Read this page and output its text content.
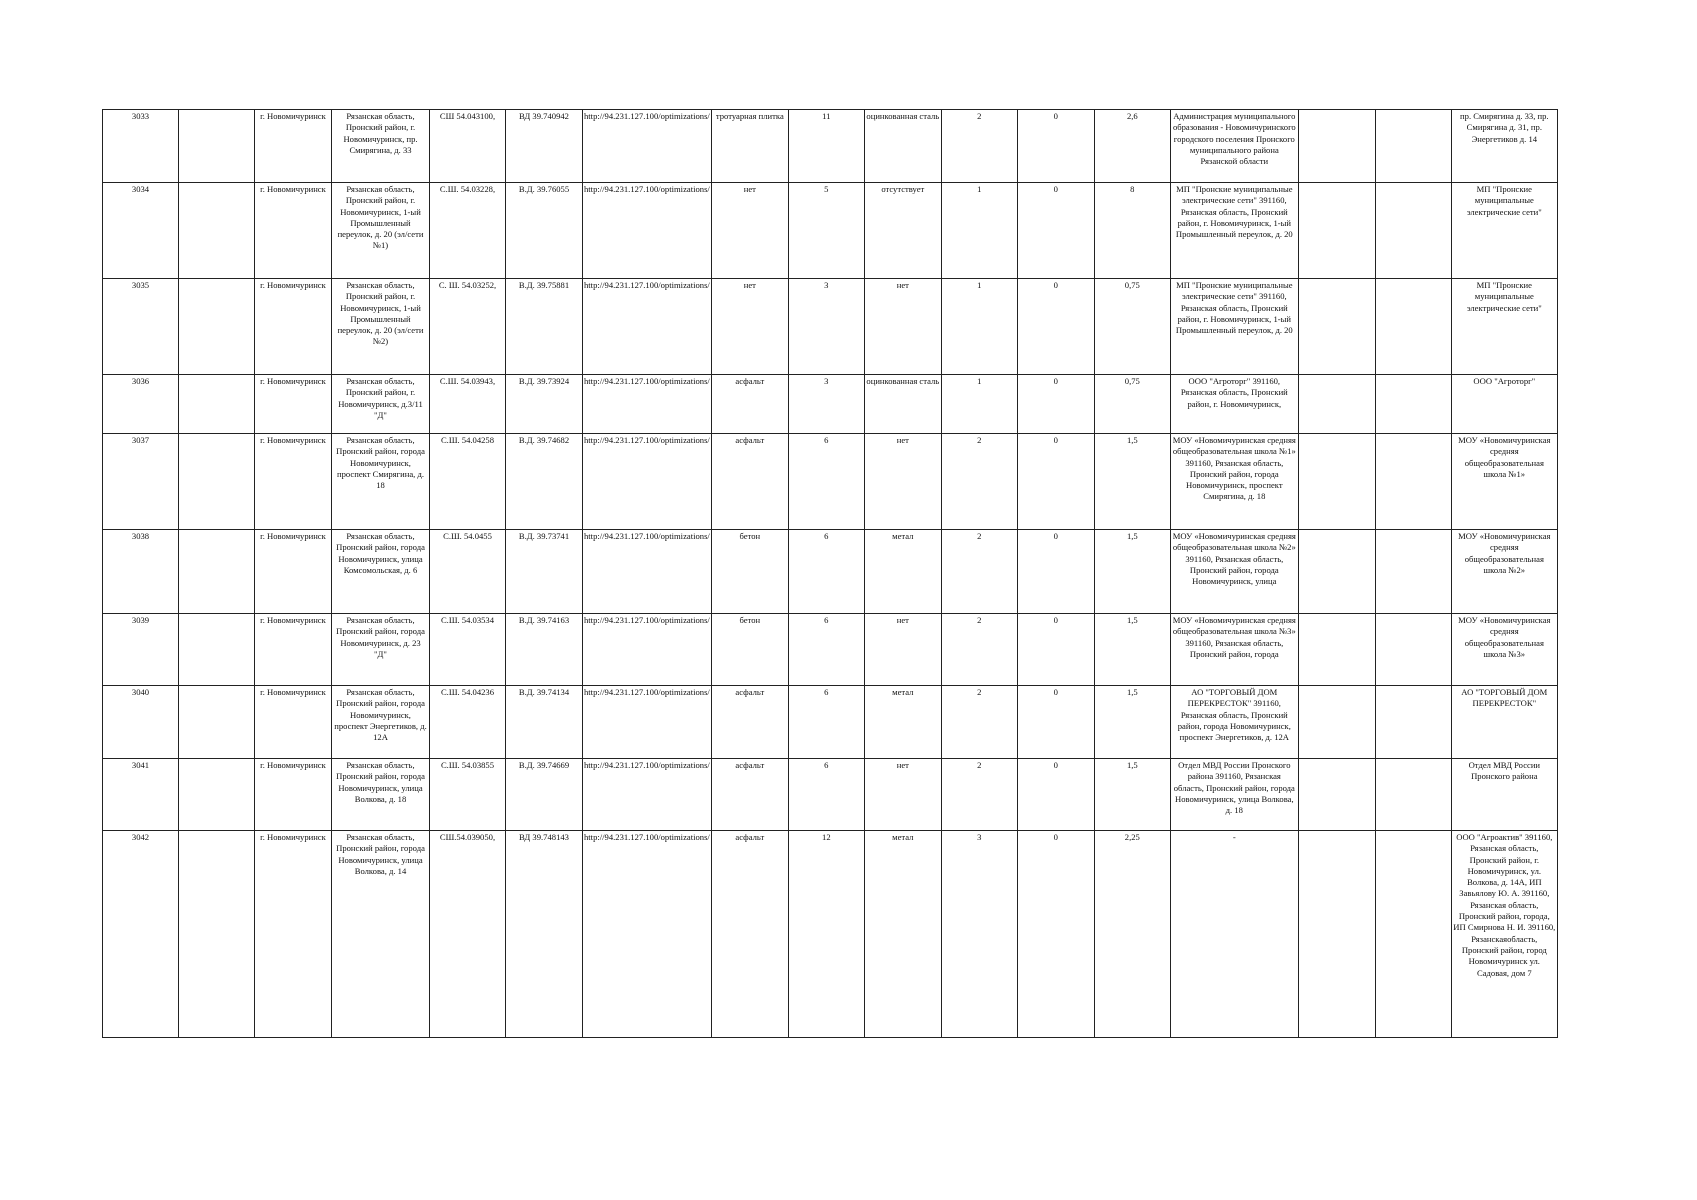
3033		г. Новомичуринск	Рязанская область, Пронский район, г. Новомичуринск, пр. Смирягина, д. 33	СШ 54.043100,	ВД 39.740942	http://94.231.127.100/optimizations/	тротуарная плитка	11	оцинкованная сталь	2	0	2,6	Администрация муниципального образования - Новомичуринского городского поселения Пронского муниципального района Рязанской области			пр. Смирягина д. 33, пр. Смирягина д. 31, пр. Энергетиков д. 14

3034		г. Новомичуринск	Рязанская область, Пронский район, г. Новомичуринск, 1-ый Промышленный переулок, д. 20 (эл/сети №1)	С.Ш. 54.03228,	В.Д. 39.76055	http://94.231.127.100/optimizations/	нет	5	отсутствует	1	0	8	МП "Пронские муниципальные электрические сети" 391160, Рязанская область, Пронский район, г. Новомичуринск, 1-ый Промышленный переулок, д. 20			МП "Пронские муниципальные электрические сети"

3035		г. Новомичуринск	Рязанская область, Пронский район, г. Новомичуринск, 1-ый Промышленный переулок, д. 20 (эл/сети №2)	С. Ш. 54.03252,	В.Д. 39.75881	http://94.231.127.100/optimizations/	нет	3	нет	1	0	0,75	МП "Пронские муниципальные электрические сети" 391160, Рязанская область, Пронский район, г. Новомичуринск, 1-ый Промышленный переулок, д. 20			МП "Пронские муниципальные электрические сети"

3036		г. Новомичуринск	Рязанская область, Пронский район, г. Новомичуринск, д.3/11 "Д"	С.Ш. 54.03943,	В.Д. 39.73924	http://94.231.127.100/optimizations/	асфальт	3	оцинкованная сталь	1	0	0,75	ООО "Агроторг" 391160, Рязанская область, Пронский район, г. Новомичуринск,			ООО "Агроторг"

3037		г. Новомичуринск	Рязанская область, Пронский район, города Новомичуринск, проспект Смирягина, д. 18	С.Ш. 54.04258	В.Д. 39.74682	http://94.231.127.100/optimizations/	асфальт	6	нет	2	0	1,5	МОУ «Новомичуринская средняя общеобразовательная школа №1» 391160, Рязанская область, Пронский район, города Новомичуринск, проспект Смирягина, д. 18			МОУ «Новомичуринская средняя общеобразовательная школа №1»

3038		г. Новомичуринск	Рязанская область, Пронский район, города Новомичуринск, улица Комсомольская, д. 6	С.Ш. 54.0455	В.Д. 39.73741	http://94.231.127.100/optimizations/	бетон	6	метал	2	0	1,5	МОУ «Новомичуринская средняя общеобразовательная школа №2» 391160, Рязанская область, Пронский район, города Новомичуринск, улица			МОУ «Новомичуринская средняя общеобразовательная школа №2»

3039		г. Новомичуринск	Рязанская область, Пронский район, города Новомичуринск, д. 23 "Д"	С.Ш. 54.03534	В.Д. 39.74163	http://94.231.127.100/optimizations/	бетон	6	нет	2	0	1,5	МОУ «Новомичуринская средняя общеобразовательная школа №3» 391160, Рязанская область, Пронский район, города			МОУ «Новомичуринская средняя общеобразовательная школа №3»

3040		г. Новомичуринск	Рязанская область, Пронский район, города Новомичуринск, проспект Энергетиков, д. 12А	С.Ш. 54.04236	В.Д. 39.74134	http://94.231.127.100/optimizations/	асфальт	6	метал	2	0	1,5	АО "ТОРГОВЫЙ ДОМ ПЕРЕКРЕСТОК" 391160, Рязанская область, Пронский район, города Новомичуринск, проспект Энергетиков, д. 12А			АО "ТОРГОВЫЙ ДОМ ПЕРЕКРЕСТОК"

3041		г. Новомичуринск	Рязанская область, Пронский район, города Новомичуринск, улица Волкова, д. 18	С.Ш. 54.03855	В.Д. 39.74669	http://94.231.127.100/optimizations/	асфальт	6	нет	2	0	1,5	Отдел МВД России Пронского района 391160, Рязанская область, Пронский район, города Новомичуринск, улица Волкова, д. 18			Отдел МВД России Пронского района

3042		г. Новомичуринск	Рязанская область, Пронский район, города Новомичуринск, улица Волкова, д. 14	СШ.54.039050,	ВД 39.748143	http://94.231.127.100/optimizations/	асфальт	12	метал	3	0	2,25	-			ООО "Агроактив" 391160, Рязанская область, Пронский район, г. Новомичуринск, ул. Волкова, д. 14А, ИП Завьялову Ю. А. 391160, Рязанская область, Пронский район, города, ИП Смирнова Н. И. 391160, Рязанскаяобласть, Пронский район, город Новомичуринск ул. Садовая, дом 7
